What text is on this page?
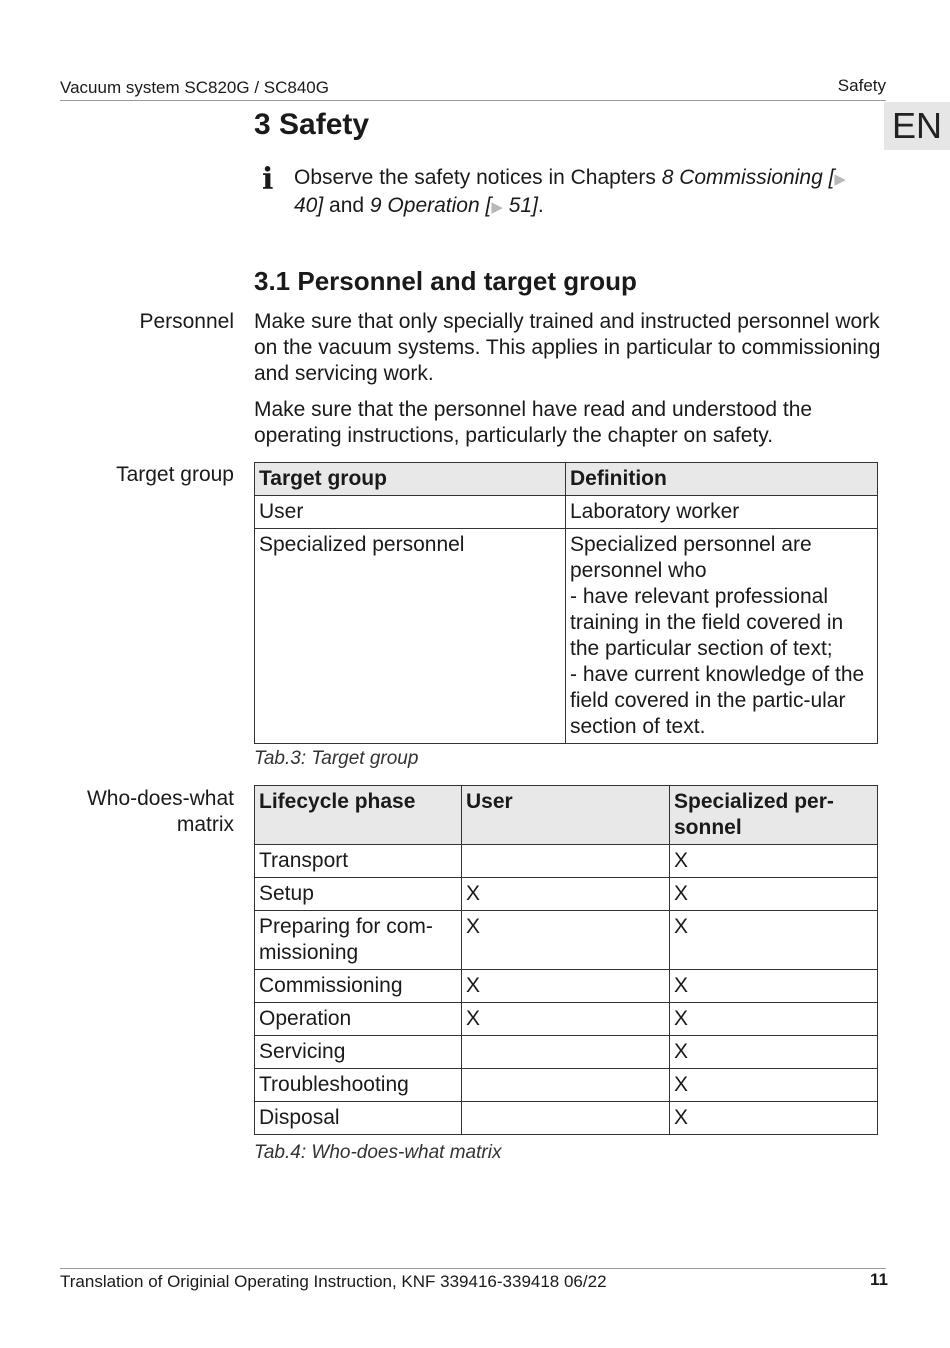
Vacuum system SC820G / SC840G	Safety
EN
3 Safety
i Observe the safety notices in Chapters 8 Commissioning [▶ 40] and 9 Operation [▶ 51].
3.1 Personnel and target group
Personnel Make sure that only specially trained and instructed personnel work on the vacuum systems. This applies in particular to commissioning and servicing work.
Make sure that the personnel have read and understood the operating instructions, particularly the chapter on safety.
Target group Target group	Definition
User	Laboratory worker
Specialized personnel	Specialized personnel are personnel who
- have relevant professional training in the field covered in the particular section of text;
- have current knowledge of the field covered in the partic-ular section of text.
Tab.3: Target group
Who-does-what matrix
Lifecycle phase	User	Specialized per-sonnel
Transport		X
Setup	X	X
Preparing for com-missioning	X	X
Commissioning	X	X
Operation	X	X
Servicing		X
Troubleshooting		X
Disposal		X
Tab.4: Who-does-what matrix
Translation of Originial Operating Instruction, KNF 339416-339418 06/22	11
